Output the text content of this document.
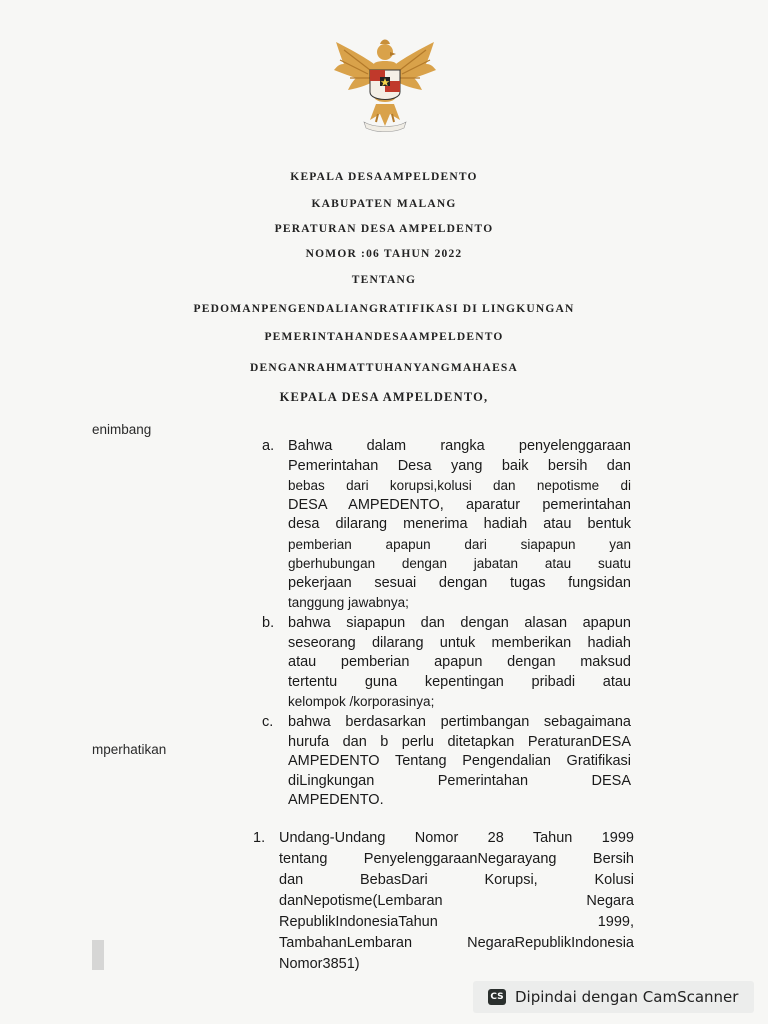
KEPALA DESAAMPELDENTO
KABUPATEN MALANG
PERATURAN DESA AMPELDENTO
NOMOR :06 TAHUN 2022
TENTANG
PEDOMANPENGENDALIANGRATIFIKASI DI LINGKUNGAN
PEMERINTAHANDESAAMPELDENTO
DENGANRAHMATTUHANYANGMAHAESA
KEPALA DESA AMPELDENTO,
enimbang
mperhatikan
a. Bahwa dalam rangka penyelenggaraan
Pemerintahan Desa yang baik bersih dan
bebas dari korupsi,kolusi dan nepotisme di
DESA AMPEDENTO, aparatur pemerintahan
desa dilarang menerima hadiah atau bentuk
pemberian apapun dari siapapun yan
gberhubungan dengan jabatan atau suatu
pekerjaan sesuai dengan tugas fungsidan
tanggung jawabnya;
b. bahwa siapapun dan dengan alasan apapun
seseorang dilarang untuk memberikan hadiah
atau pemberian apapun dengan maksud
tertentu guna kepentingan pribadi atau
kelompok /korporasinya;
c. bahwa berdasarkan pertimbangan sebagaimana
hurufa dan b perlu ditetapkan PeraturanDESA
AMPEDENTO Tentang Pengendalian Gratifikasi
diLingkungan Pemerintahan DESA
AMPEDENTO.
1. Undang-Undang Nomor 28 Tahun 1999
tentang PenyelenggaraanNegarayang Bersih
dan BebasDari Korupsi, Kolusi
danNepotisme(Lembaran Negara
RepublikIndonesiaTahun 1999,
TambahanLembaran NegaraRepublikIndonesia
Nomor3851)
CS Dipindai dengan CamScanner
